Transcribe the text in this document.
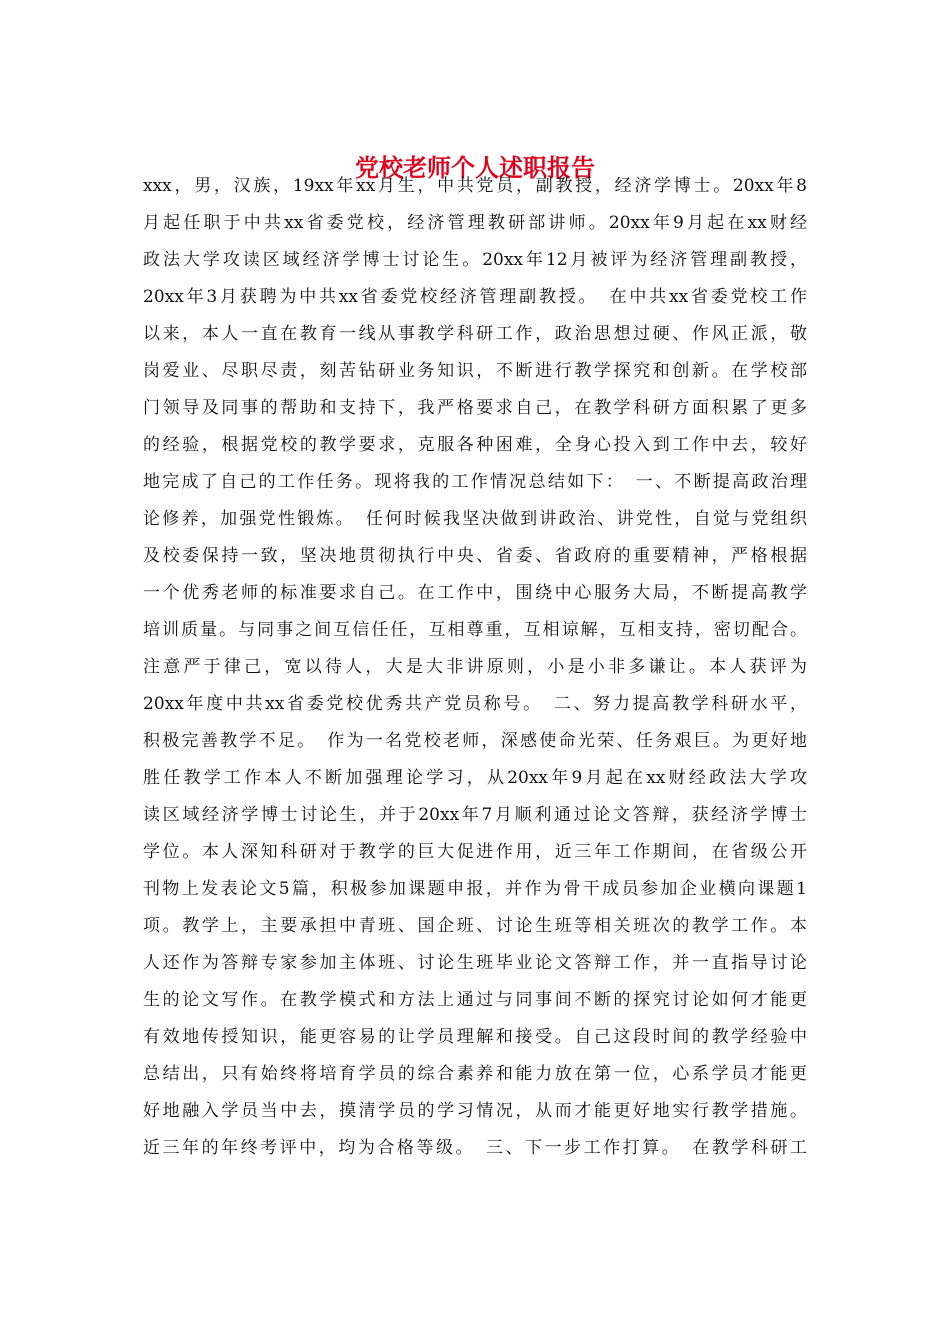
党校老师个人述职报告
xxx，男，汉族，19xx年xx月生，中共党员，副教授，经济学博士。20xx年8
月起任职于中共xx省委党校，经济管理教研部讲师。20xx年9月起在xx财经
政法大学攻读区域经济学博士讨论生。20xx年12月被评为经济管理副教授，
20xx年3月获聘为中共xx省委党校经济管理副教授。　在中共xx省委党校工作
以来，本人一直在教育一线从事教学科研工作，政治思想过硬、作风正派，敬
岗爱业、尽职尽责，刻苦钻研业务知识，不断进行教学探究和创新。在学校部
门领导及同事的帮助和支持下，我严格要求自己，在教学科研方面积累了更多
的经验，根据党校的教学要求，克服各种困难，全身心投入到工作中去，较好
地完成了自己的工作任务。现将我的工作情况总结如下：　一、不断提高政治理
论修养，加强党性锻炼。　任何时候我坚决做到讲政治、讲党性，自觉与党组织
及校委保持一致，坚决地贯彻执行中央、省委、省政府的重要精神，严格根据
一个优秀老师的标准要求自己。在工作中，围绕中心服务大局，不断提高教学
培训质量。与同事之间互信任任，互相尊重，互相谅解，互相支持，密切配合。
注意严于律己，宽以待人，大是大非讲原则，小是小非多谦让。本人获评为
20xx年度中共xx省委党校优秀共产党员称号。　二、努力提高教学科研水平，
积极完善教学不足。　作为一名党校老师，深感使命光荣、任务艰巨。为更好地
胜任教学工作本人不断加强理论学习，从20xx年9月起在xx财经政法大学攻
读区域经济学博士讨论生，并于20xx年7月顺利通过论文答辩，获经济学博士
学位。本人深知科研对于教学的巨大促进作用，近三年工作期间，在省级公开
刊物上发表论文5篇，积极参加课题申报，并作为骨干成员参加企业横向课题1
项。教学上，主要承担中青班、国企班、讨论生班等相关班次的教学工作。本
人还作为答辩专家参加主体班、讨论生班毕业论文答辩工作，并一直指导讨论
生的论文写作。在教学模式和方法上通过与同事间不断的探究讨论如何才能更
有效地传授知识，能更容易的让学员理解和接受。自己这段时间的教学经验中
总结出，只有始终将培育学员的综合素养和能力放在第一位，心系学员才能更
好地融入学员当中去，摸清学员的学习情况，从而才能更好地实行教学措施。
近三年的年终考评中，均为合格等级。　三、下一步工作打算。　在教学科研工
